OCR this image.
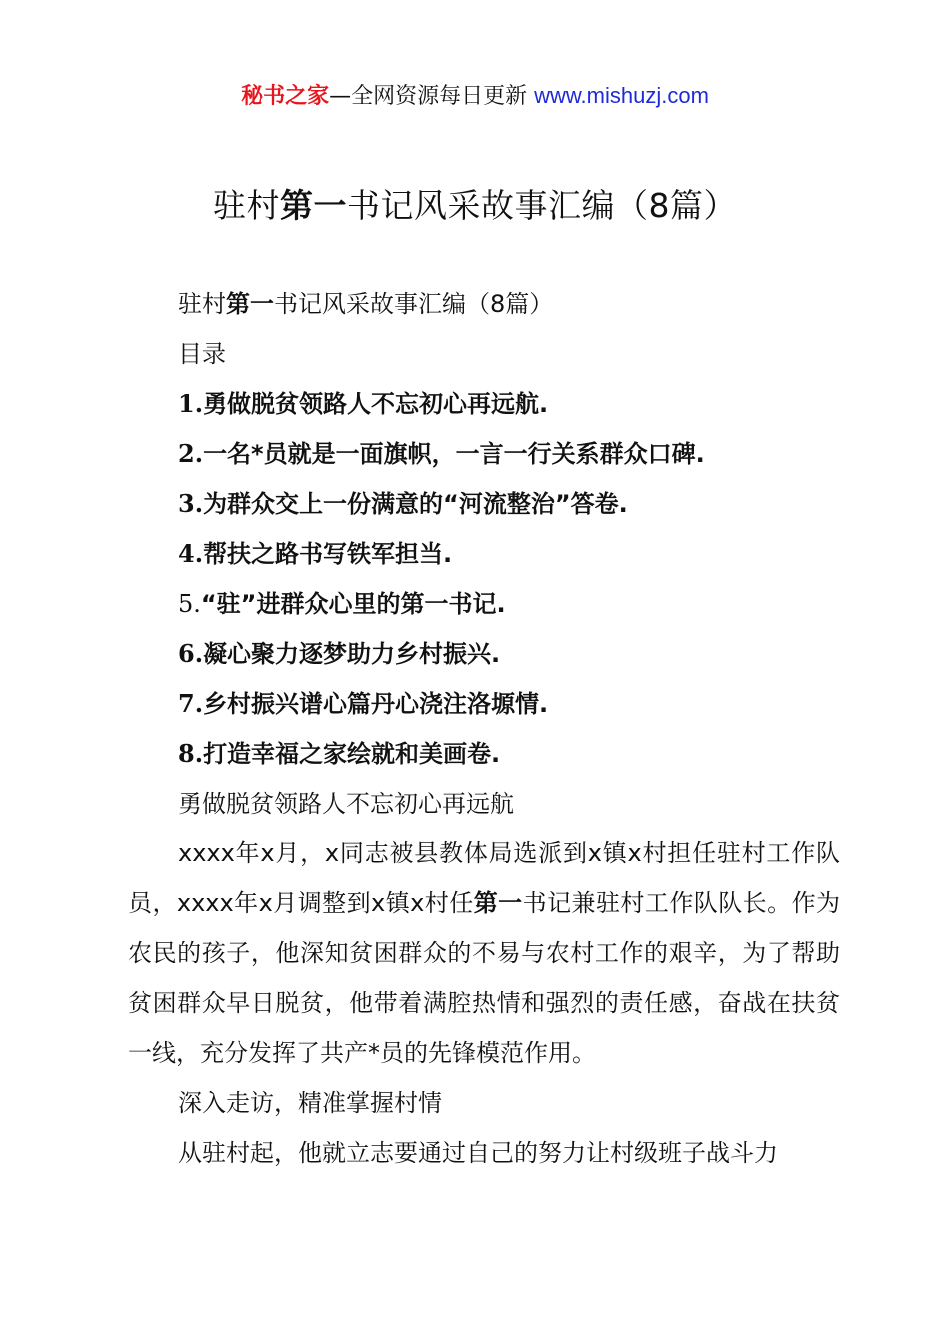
秘书之家—全网资源每日更新 www.mishuzj.com
驻村第一书记风采故事汇编（8篇）
驻村第一书记风采故事汇编（8篇）
目录
1.勇做脱贫领路人不忘初心再远航.
2.一名*员就是一面旗帜，一言一行关系群众口碑.
3.为群众交上一份满意的“河流整治”答卷.
4.帮扶之路书写铁军担当.
5.“驻”进群众心里的第一书记.
6.凝心聚力逐梦助力乡村振兴.
7.乡村振兴谱心篇丹心浇注洛塬情.
8.打造幸福之家绘就和美画卷.
勇做脱贫领路人不忘初心再远航
xxxx年x月，x同志被县教体局选派到x镇x村担任驻村工作队员，xxxx年x月调整到x镇x村任第一书记兼驻村工作队队长。作为农民的孩子，他深知贫困群众的不易与农村工作的艰辛，为了帮助贫困群众早日脱贫，他带着满腔热情和强烈的责任感，奋战在扶贫一线，充分发挥了共产*员的先锋模范作用。
深入走访，精准掌握村情
从驻村起，他就立志要通过自己的努力让村级班子战斗力
